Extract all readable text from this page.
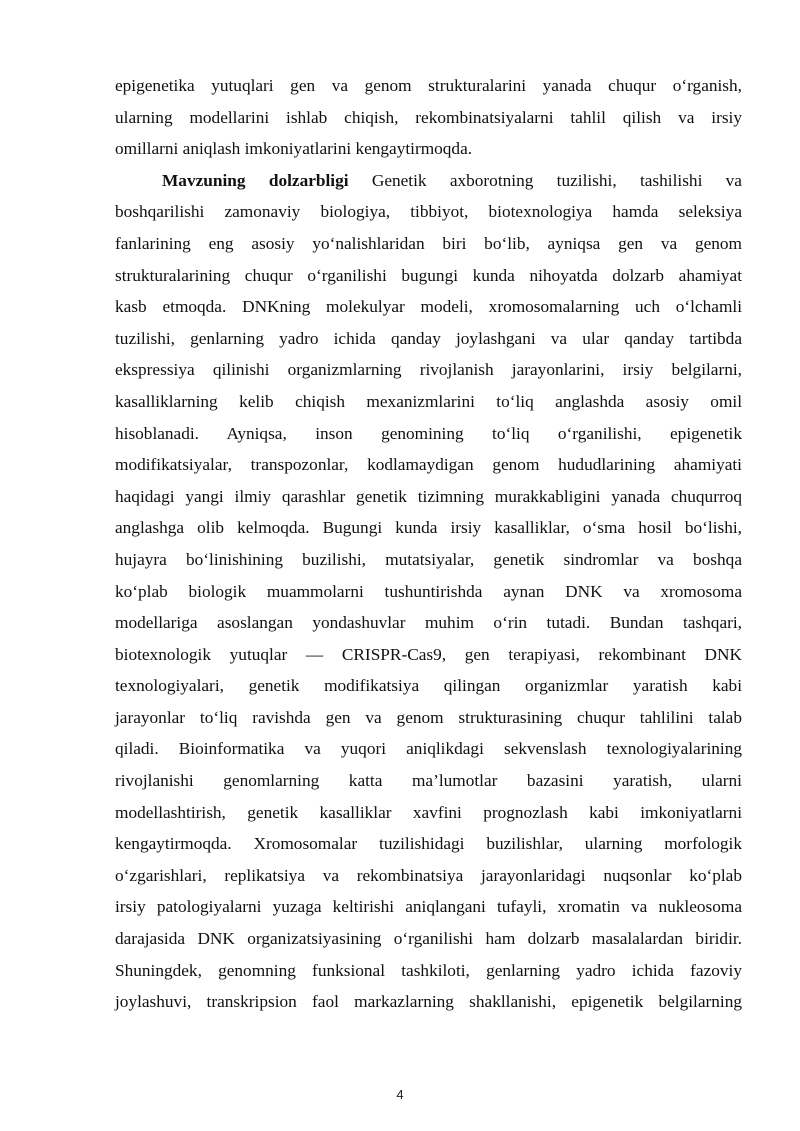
epigenetika yutuqlari gen va genom strukturalarini yanada chuqur o‘rganish,
ularning modellarini ishlab chiqish, rekombinatsiyalarni tahlil qilish va irsiy
omillarni aniqlash imkoniyatlarini kengaytirmoqda.
Mavzuning dolzarbligi Genetik axborotning tuzilishi, tashilishi va
boshqarilishi zamonaviy biologiya, tibbiyot, biotexnologiya hamda seleksiya
fanlarining eng asosiy yo‘nalishlaridan biri bo‘lib, ayniqsa gen va genom
strukturalarining chuqur o‘rganilishi bugungi kunda nihoyatda dolzarb ahamiyat
kasb etmoqda. DNKning molekulyar modeli, xromosomalarning uch o‘lchamli
tuzilishi, genlarning yadro ichida qanday joylashgani va ular qanday tartibda
ekspressiya qilinishi organizmlarning rivojlanish jarayonlarini, irsiy belgilarni,
kasalliklarning kelib chiqish mexanizmlarini to‘liq anglashda asosiy omil
hisoblanadi. Ayniqsa, inson genomining to‘liq o‘rganilishi, epigenetik
modifikatsiyalar, transpozonlar, kodlamaydigan genom hududlarining ahamiyati
haqidagi yangi ilmiy qarashlar genetik tizimning murakkabligini yanada chuqurroq
anglashga olib kelmoqda. Bugungi kunda irsiy kasalliklar, o‘sma hosil bo‘lishi,
hujayra bo‘linishining buzilishi, mutatsiyalar, genetik sindromlar va boshqa
ko‘plab biologik muammolarni tushuntirishda aynan DNK va xromosoma
modellariga asoslangan yondashuvlar muhim o‘rin tutadi. Bundan tashqari,
biotexnologik yutuqlar — CRISPR-Cas9, gen terapiyasi, rekombinant DNK
texnologiyalari, genetik modifikatsiya qilingan organizmlar yaratish kabi
jarayonlar to‘liq ravishda gen va genom strukturasining chuqur tahlilini talab
qiladi. Bioinformatika va yuqori aniqlikdagi sekvenslash texnologiyalarining
rivojlanishi genomlarning katta ma’lumotlar bazasini yaratish, ularni
modellashtirish, genetik kasalliklar xavfini prognozlash kabi imkoniyatlarni
kengaytirmoqda. Xromosomalar tuzilishidagi buzilishlar, ularning morfologik
o‘zgarishlari, replikatsiya va rekombinatsiya jarayonlaridagi nuqsonlar ko‘plab
irsiy patologiyalarni yuzaga keltirishi aniqlangani tufayli, xromatin va nukleosoma
darajasida DNK organizatsiyasining o‘rganilishi ham dolzarb masalalardan biridir.
Shuningdek, genomning funksional tashkiloti, genlarning yadro ichida fazoviy
joylashuvi, transkripsion faol markazlarning shakllanishi, epigenetik belgilarning
4
